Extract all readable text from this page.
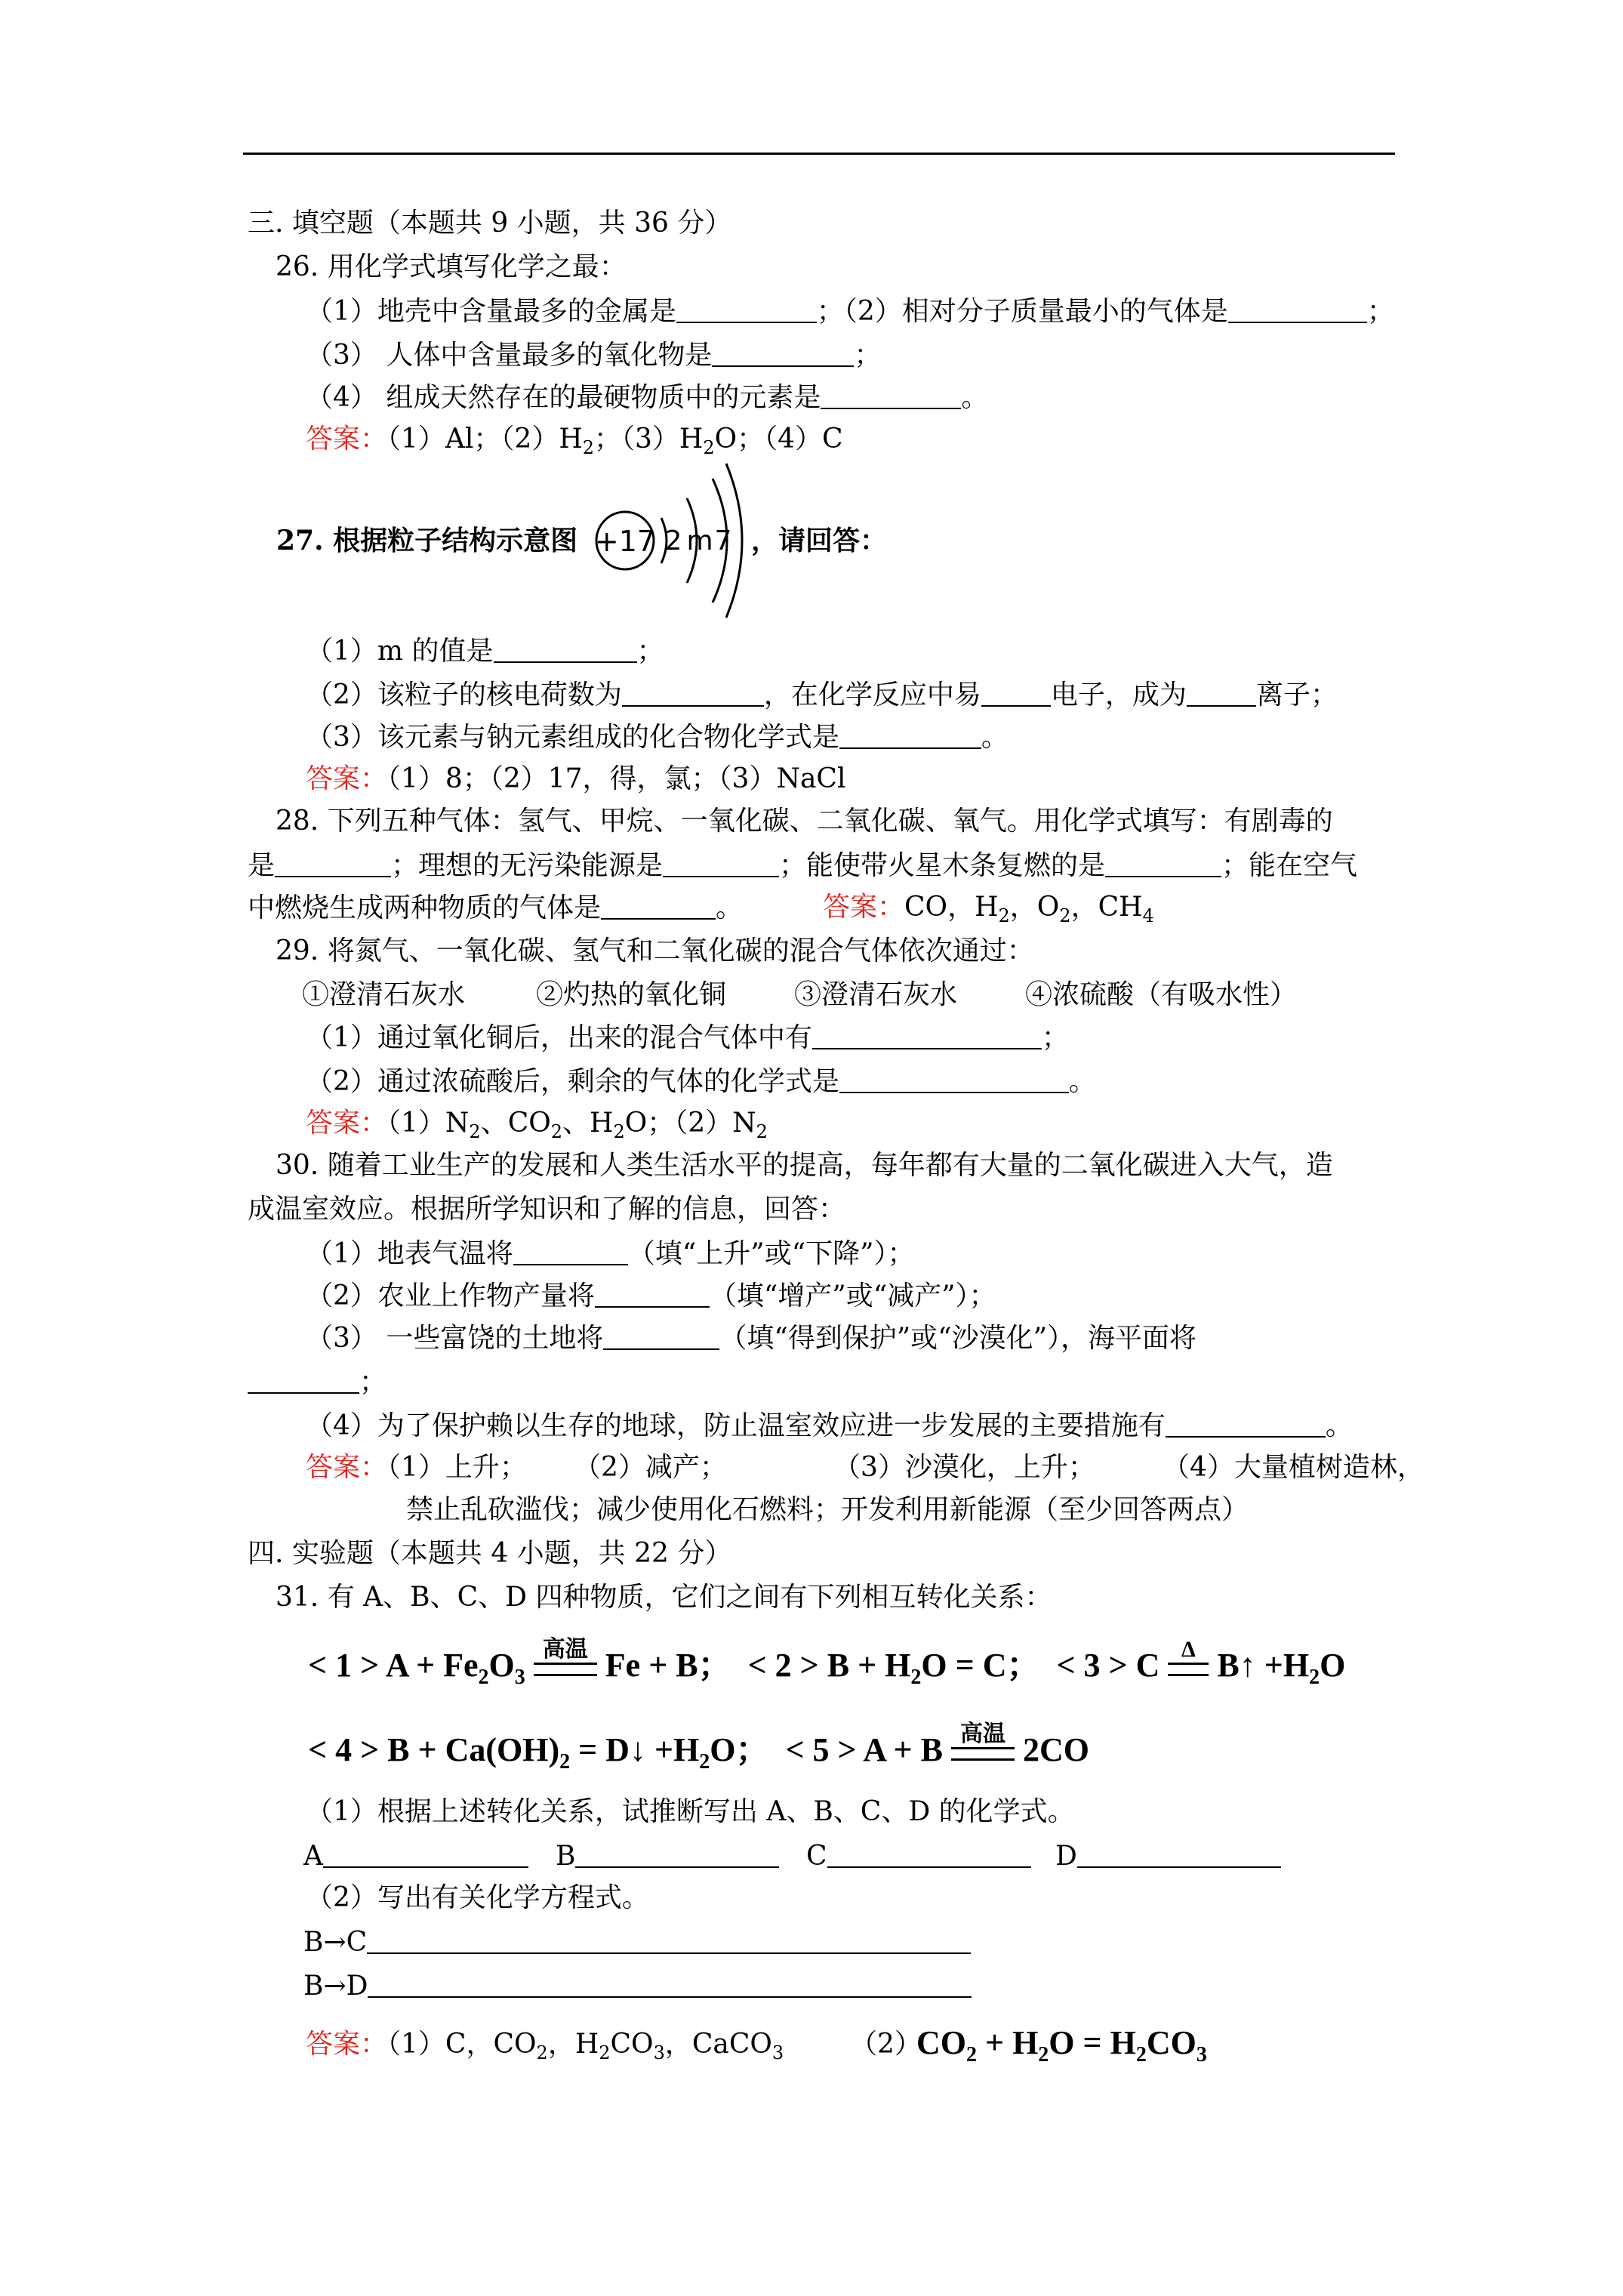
三. 填空题（本题共 9 小题，共 36 分）
26. 用化学式填写化学之最：
（1）地壳中含量最多的金属是	；（2）相对分子质量最小的气体是	；
（3） 人体中含量最多的氧化物是	；
（4） 组成天然存在的最硬物质中的元素是	。
答案：（1）Al；$(2)H_2$；$(3)H_2O$；（4）C
27. 根据粒子结构示意图 +17 2 m 7 ，请回答：
（1）m 的值是	；
（2）该粒子的核电荷数为	，在化学反应中易	电子，成为	离子；
（3）该元素与钠元素组成的化合物化学式是	。
答案：（1）8；（2）17，得，氯；（3）NaCl
28. 下列五种气体：氢气、甲烷、一氧化碳、二氧化碳、氧气。用化学式填写：有剧毒的
是	；理想的无污染能源是	；能使带火星木条复燃的是	；能在空气
中燃烧生成两种物质的气体是	。	答案：CO，$H_2$，$O_2$，$CH_4$
29. 将氮气、一氧化碳、氢气和二氧化碳的混合气体依次通过：
①澄清石灰水	②灼热的氧化铜 ③澄清石灰水 ④浓硫酸（有吸水性）
（1）通过氧化铜后，出来的混合气体中有	；
（2）通过浓硫酸后，剩余的气体的化学式是	。
答案：$(1)N_2$、$CO_2$、$H_2O$；$(2)N_2$
30. 随着工业生产的发展和人类生活水平的提高，每年都有大量的二氧化碳进入大气，造
成温室效应。根据所学知识和了解的信息，回答：
（1）地表气温将	（填“上升”或“下降”）；
（2）农业上作物产量将	（填“增产”或“减产”）；
（3） 一些富饶的土地将	（填“得到保护”或“沙漠化”），海平面将
；
（4）为了保护赖以生存的地球，防止温室效应进一步发展的主要措施有	。
答案：（1）上升； （2）减产；	（3）沙漠化，上升； （4）大量植树造林，
禁止乱砍滥伐；减少使用化石燃料；开发利用新能源（至少回答两点）
四. 实验题（本题共 4 小题，共 22 分）
31. 有 A、B、C、D 四种物质，它们之间有下列相互转化关系：
< $1 > A + Fe_2O_3$
高温 Fe + B； < $2 > B + H_2O = C$； < 3 > C Δ B↑ $+H_2O$
< $4 > B + Ca(OH)_2$ = D↓ $+H_2O$； < 5 > A + B 高温 2CO
（1）根据上述转化关系，试推断写出 A、B、C、D 的化学式。
A	B	C	D
（2）写出有关化学方程式。
B→C
B→D
答案：（1）C，$CO_2$，$H_2CO_3$，CaCO$_3$ （2）
$CO_2 + H_2O = H_2CO_3$
